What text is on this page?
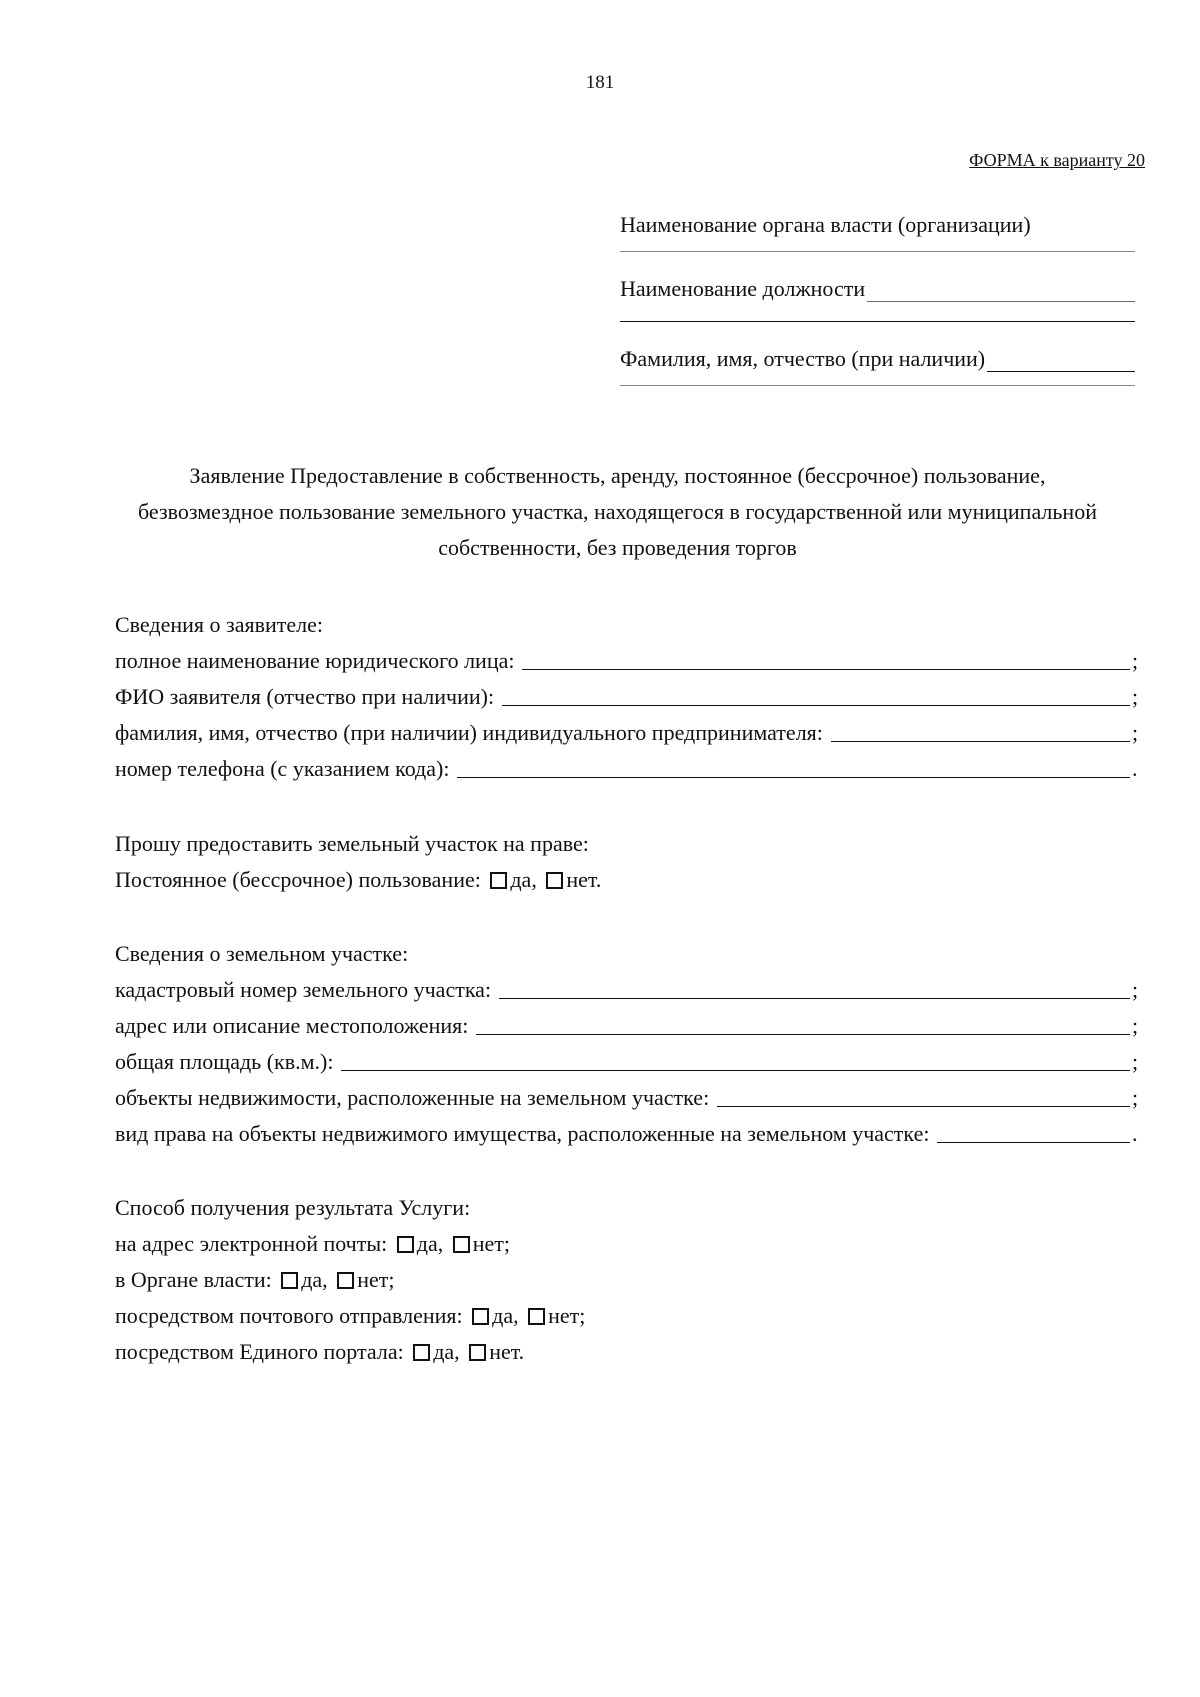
181
ФОРМА к варианту 20
Наименование органа власти (организации)
Наименование должности
Фамилия, имя, отчество (при наличии)
Заявление Предоставление в собственность, аренду, постоянное (бессрочное) пользование, безвозмездное пользование земельного участка, находящегося в государственной или муниципальной собственности, без проведения торгов
Сведения о заявителе:
полное наименование юридического лица:	;
ФИО заявителя (отчество при наличии):	;
фамилия, имя, отчество (при наличии) индивидуального предпринимателя:	;
номер телефона (с указанием кода):	.
Прошу предоставить земельный участок на праве:
Постоянное (бессрочное) пользование: да, нет.
Сведения о земельном участке:
кадастровый номер земельного участка:	;
адрес или описание местоположения:	;
общая площадь (кв.м.):	;
объекты недвижимости, расположенные на земельном участке:	;
вид права на объекты недвижимого имущества, расположенные на земельном участке:	.
Способ получения результата Услуги:
на адрес электронной почты: да, нет;
в Органе власти: да, нет;
посредством почтового отправления: да, нет;
посредством Единого портала: да, нет.
